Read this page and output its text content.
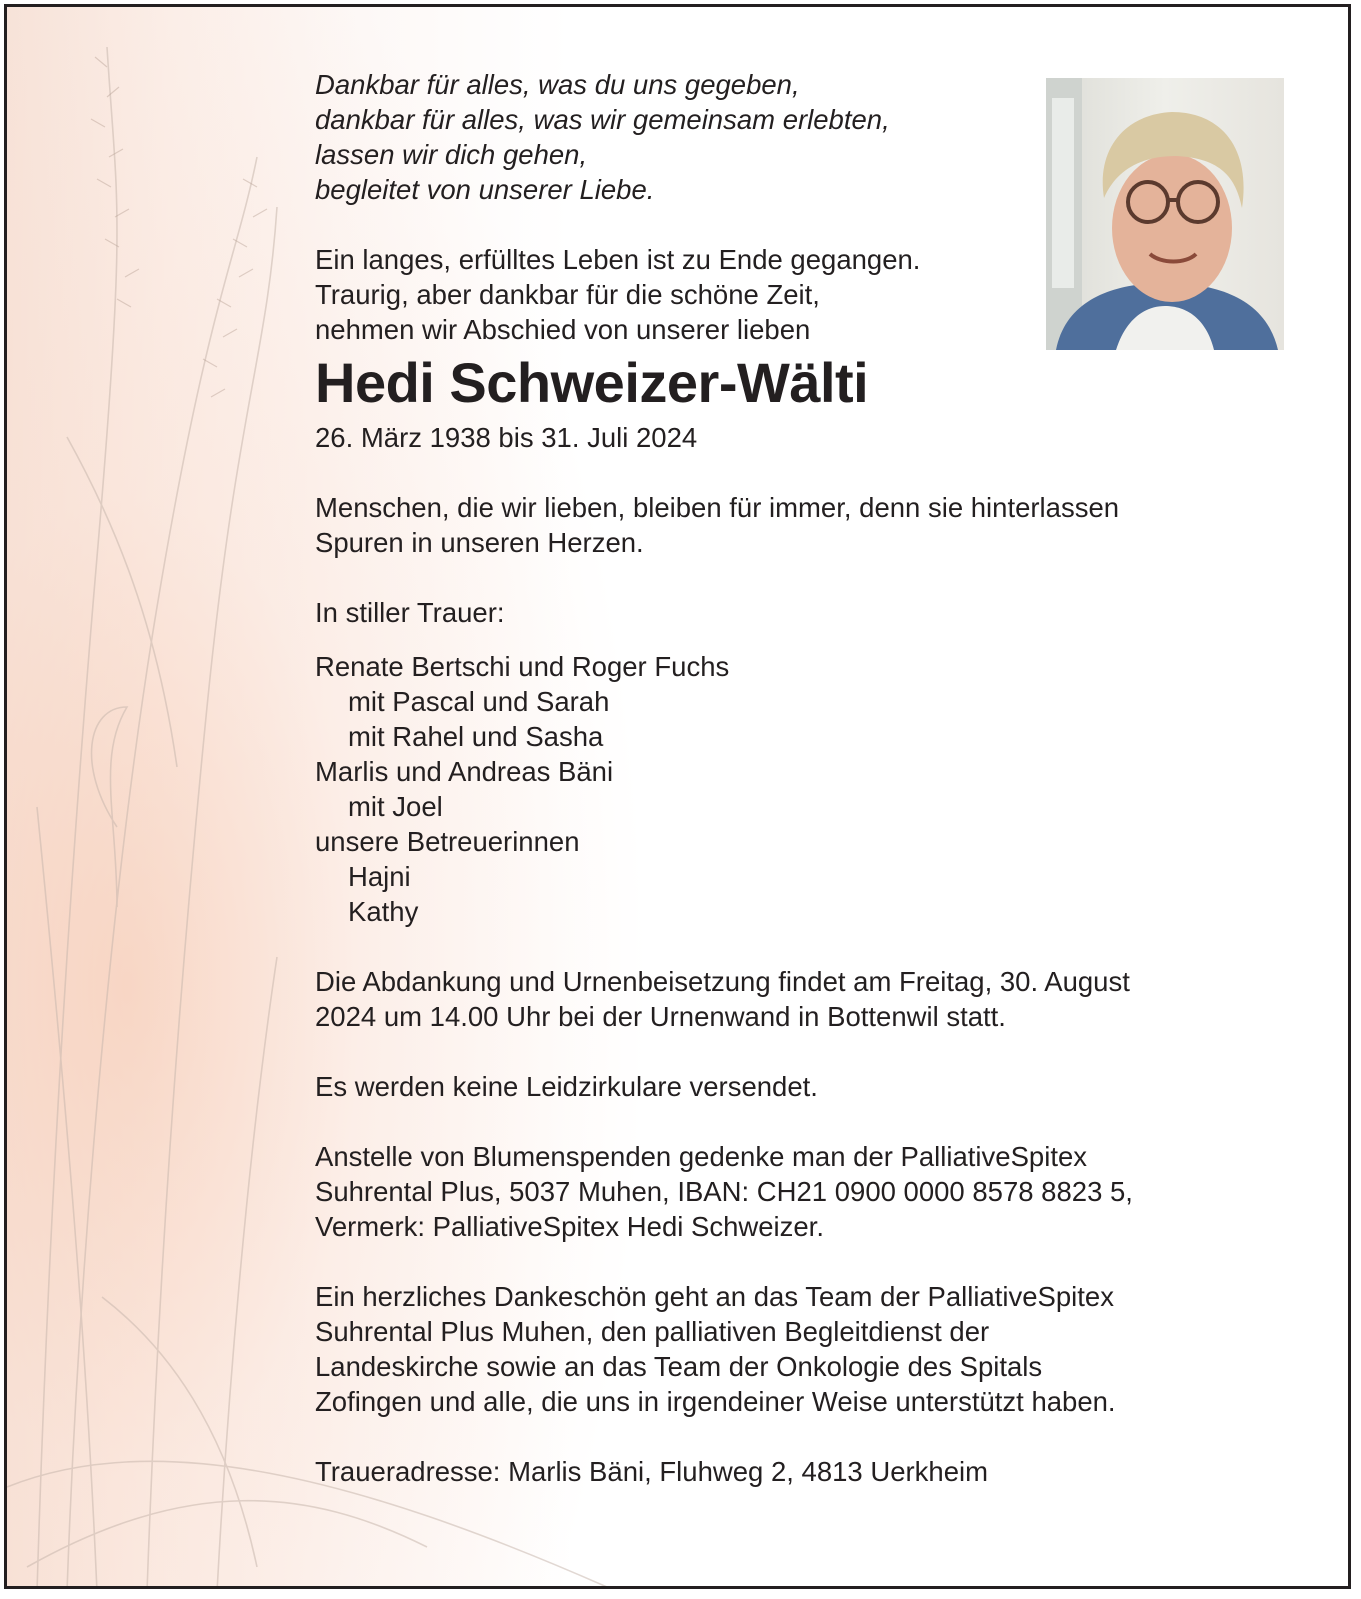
Dankbar für alles, was du uns gegeben,
dankbar für alles, was wir gemeinsam erlebten,
lassen wir dich gehen,
begleitet von unserer Liebe.

Ein langes, erfülltes Leben ist zu Ende gegangen.
Traurig, aber dankbar für die schöne Zeit,
nehmen wir Abschied von unserer lieben

Hedi Schweizer-Wälti

26. März 1938 bis 31. Juli 2024

Menschen, die wir lieben, bleiben für immer, denn sie hinterlassen
Spuren in unseren Herzen.

In stiller Trauer:

Renate Bertschi und Roger Fuchs
mit Pascal und Sarah
mit Rahel und Sasha
Marlis und Andreas Bäni
mit Joel
unsere Betreuerinnen
Hajni
Kathy

Die Abdankung und Urnenbeisetzung findet am Freitag, 30. August
2024 um 14.00 Uhr bei der Urnenwand in Bottenwil statt.

Es werden keine Leidzirkulare versendet.

Anstelle von Blumenspenden gedenke man der PalliativeSpitex
Suhrental Plus, 5037 Muhen, IBAN: CH21 0900 0000 8578 8823 5,
Vermerk: PalliativeSpitex Hedi Schweizer.

Ein herzliches Dankeschön geht an das Team der PalliativeSpitex
Suhrental Plus Muhen, den palliativen Begleitdienst der
Landeskirche sowie an das Team der Onkologie des Spitals
Zofingen und alle, die uns in irgendeiner Weise unterstützt haben.

Traueradresse: Marlis Bäni, Fluhweg 2, 4813 Uerkheim
